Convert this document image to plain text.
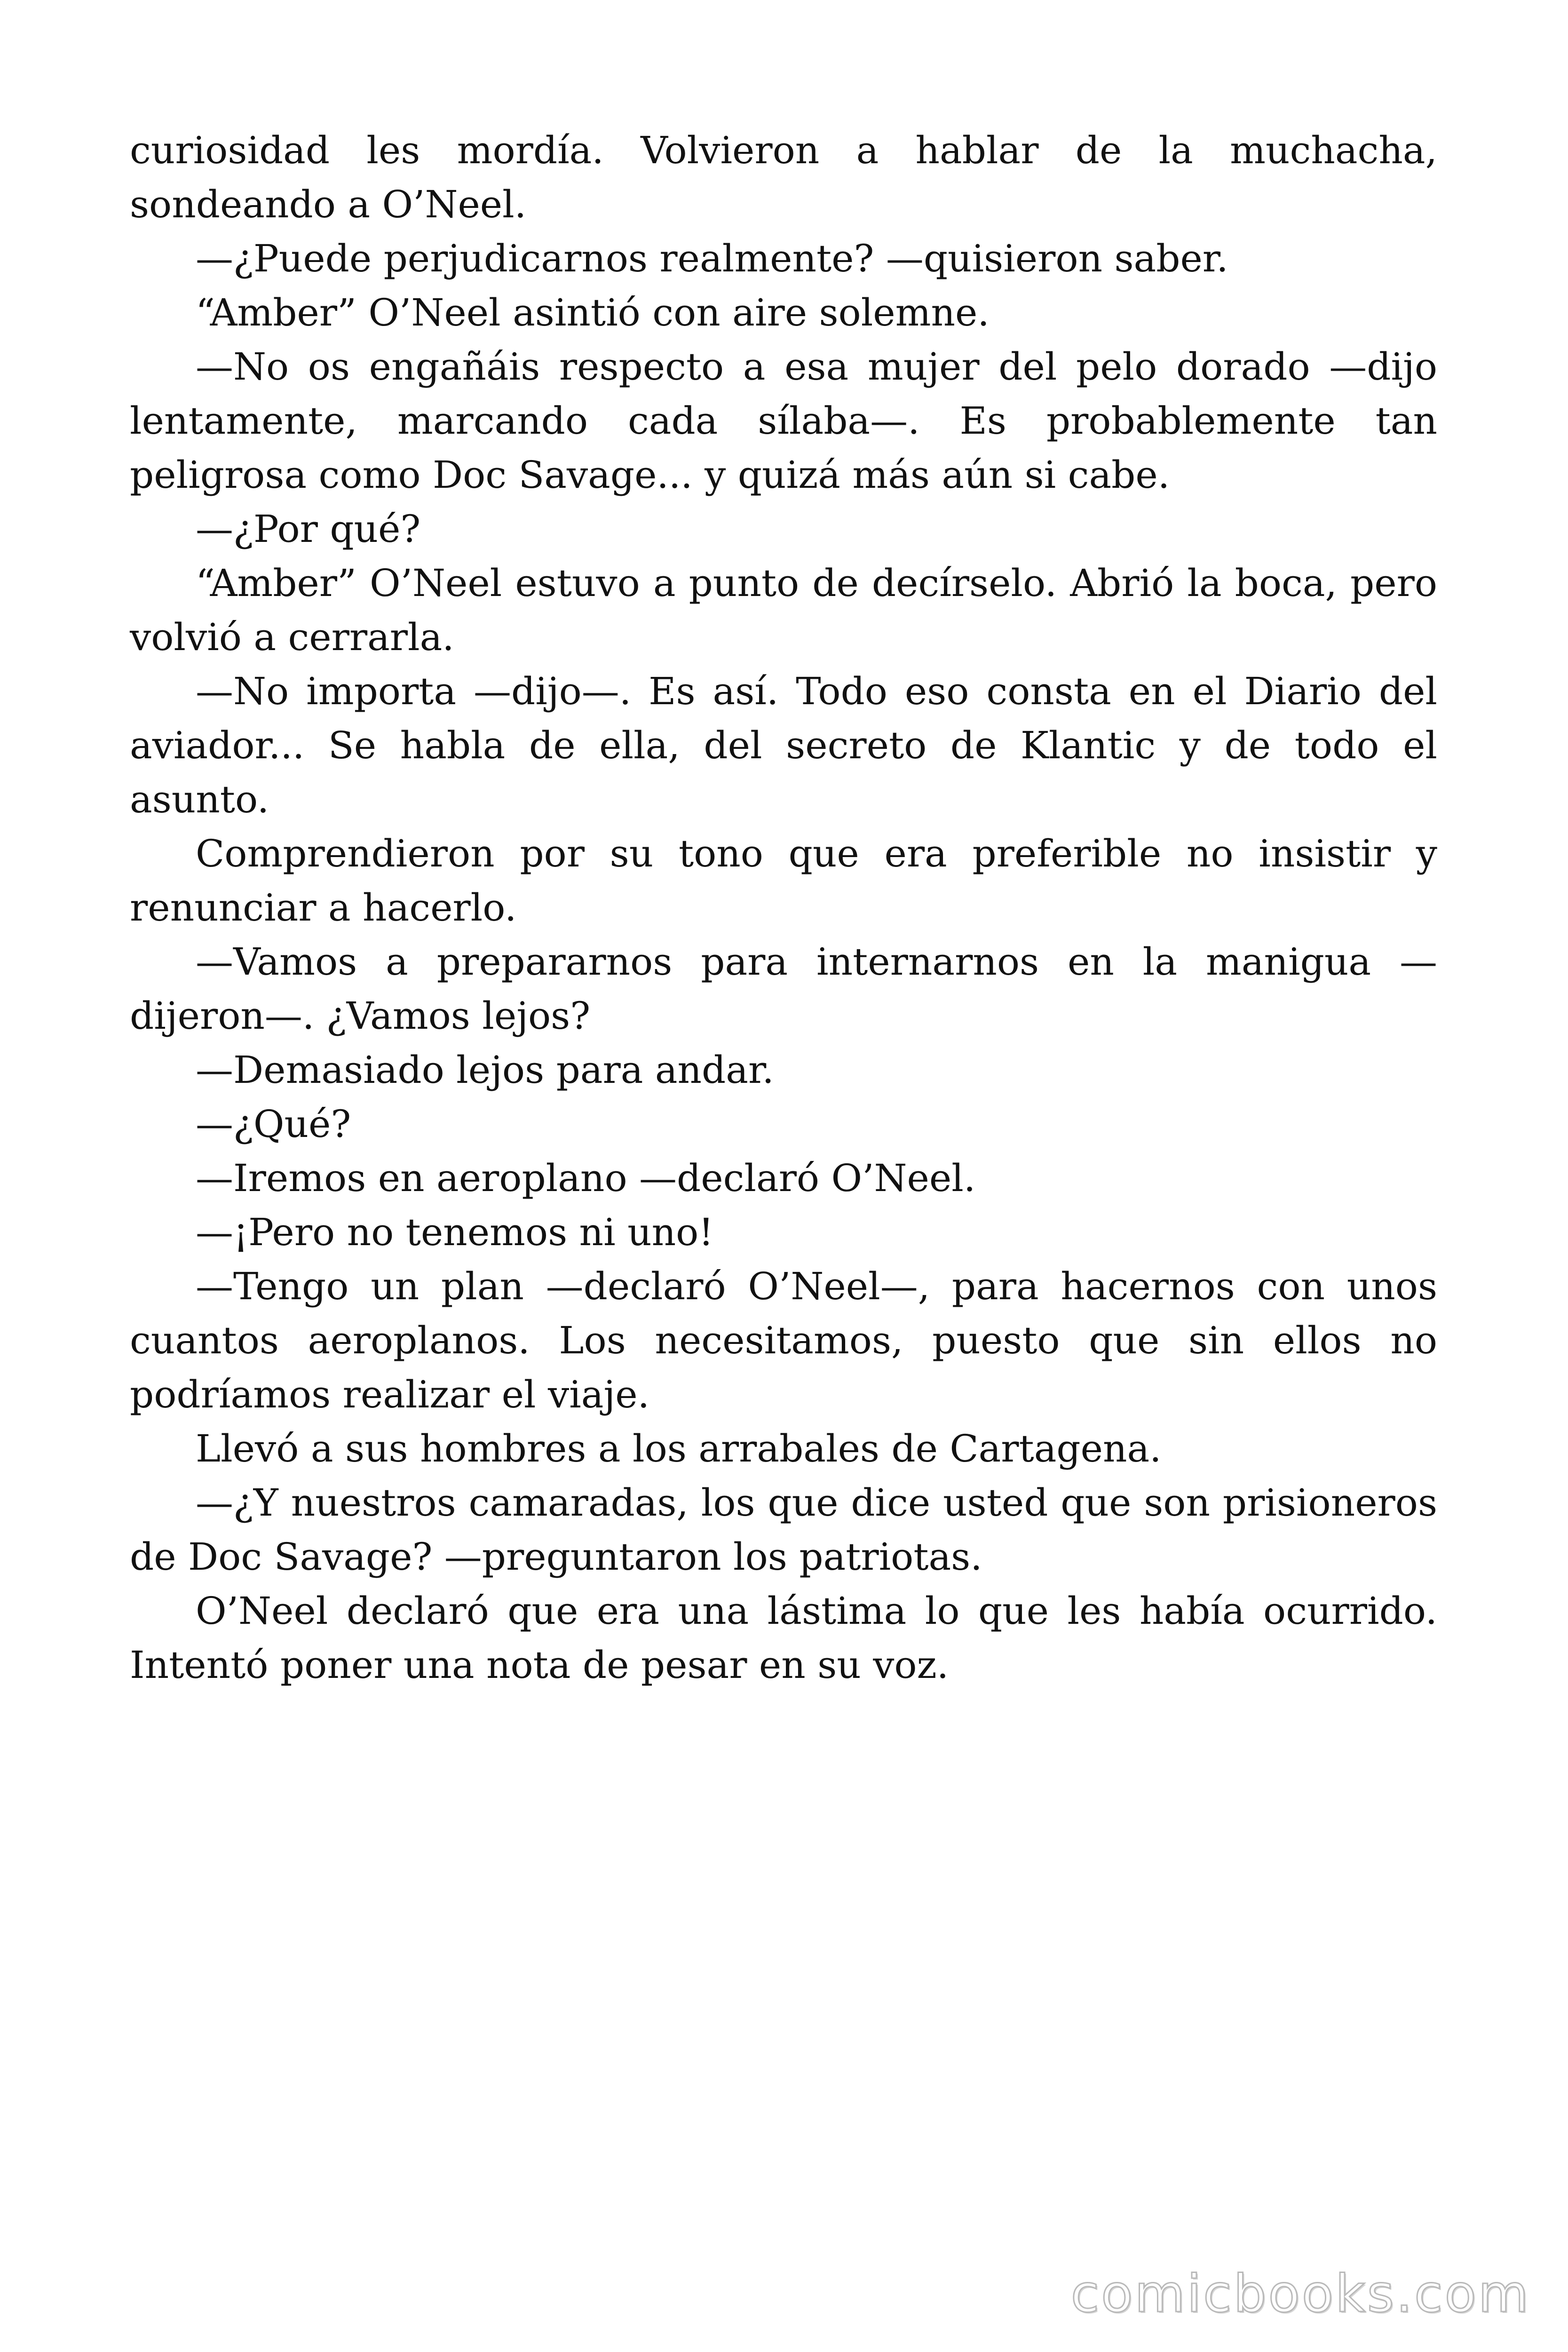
curiosidad les mordía. Volvieron a hablar de la muchacha, sondeando a O’Neel.

—¿Puede perjudicarnos realmente? —quisieron saber.

“Amber” O’Neel asintió con aire solemne.

—No os engañáis respecto a esa mujer del pelo dorado —dijo lentamente, marcando cada sílaba—. Es probablemente tan peligrosa como Doc Savage... y quizá más aún si cabe.

—¿Por qué?

“Amber” O’Neel estuvo a punto de decírselo. Abrió la boca, pero volvió a cerrarla.

—No importa —dijo—. Es así. Todo eso consta en el Diario del aviador... Se habla de ella, del secreto de Klantic y de todo el asunto.

Comprendieron por su tono que era preferible no insistir y renunciar a hacerlo.

—Vamos a prepararnos para internarnos en la manigua —dijeron—. ¿Vamos lejos?

—Demasiado lejos para andar.

—¿Qué?

—Iremos en aeroplano —declaró O’Neel.

—¡Pero no tenemos ni uno!

—Tengo un plan —declaró O’Neel—, para hacernos con unos cuantos aeroplanos. Los necesitamos, puesto que sin ellos no podríamos realizar el viaje.

Llevó a sus hombres a los arrabales de Cartagena.

—¿Y nuestros camaradas, los que dice usted que son prisioneros de Doc Savage? —preguntaron los patriotas.

O’Neel declaró que era una lástima lo que les había ocurrido. Intentó poner una nota de pesar en su voz.

comicbooks.com
